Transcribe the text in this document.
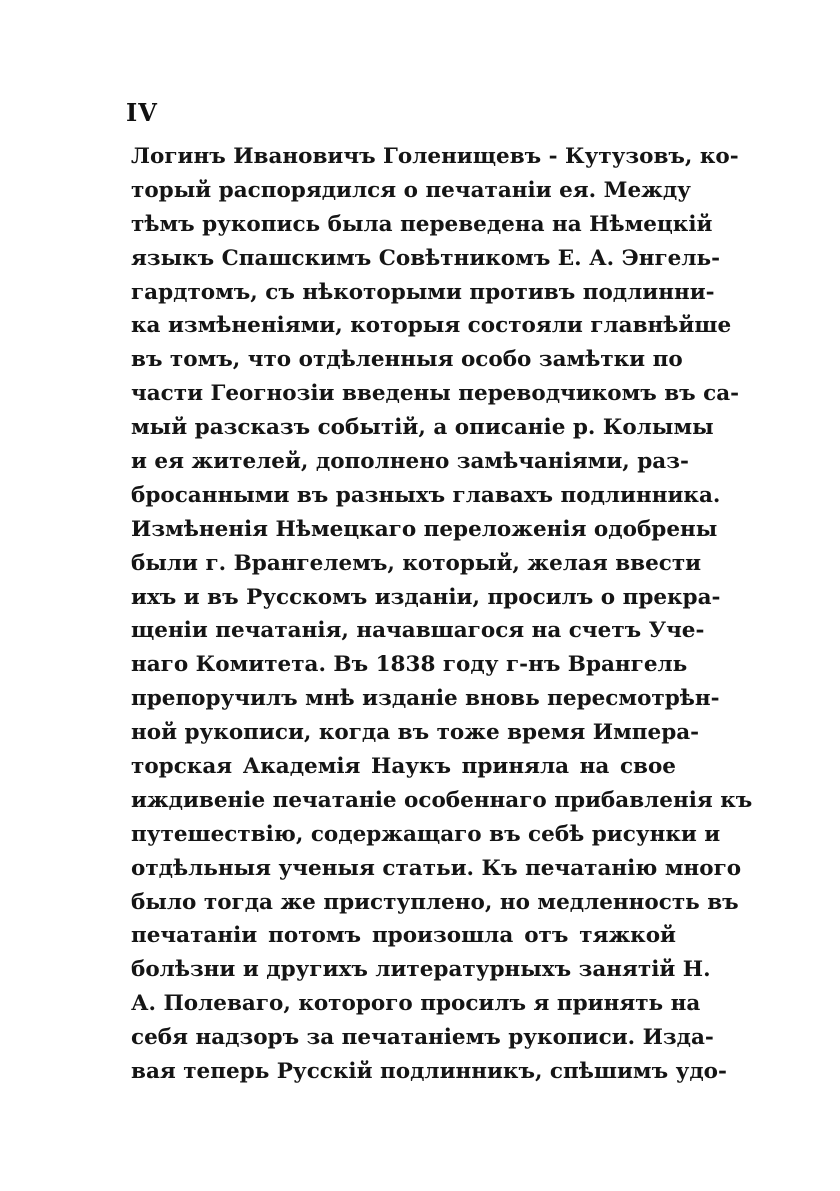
IV
Логинъ Ивановичъ Голенищевъ - Кутузовъ, ко-
торый распорядился о печатаніи ея. Между
тѣмъ рукопись была переведена на Нѣмецкій
языкъ Спашскимъ Совѣтникомъ Е. А. Энгель-
гардтомъ, съ нѣкоторыми противъ подлинни-
ка измѣненіями, которыя состояли главнѣйше
въ томъ, что отдѣленныя особо замѣтки по
части Геогнозіи введены переводчикомъ въ са-
мый разсказъ событій, а описаніе р. Колымы
и ея жителей, дополнено замѣчаніями, раз-
бросанными въ разныхъ главахъ подлинника.
Измѣненія Нѣмецкаго переложенія одобрены
были г. Врангелемъ, который, желая ввести
ихъ и въ Русскомъ изданіи, просилъ о прекра-
щеніи печатанія, начавшагося на счетъ Уче-
наго Комитета. Въ 1838 году г-нъ Врангель
препоручилъ мнѣ изданіе вновь пересмотрѣн-
ной рукописи, когда въ тоже время Импера-
торская Академія Наукъ приняла на свое
иждивеніе печатаніе особеннаго прибавленія къ
путешествію, содержащаго въ себѣ рисунки и
отдѣльныя ученыя статьи. Къ печатанію много
было тогда же приступлено, но медленность въ
печатаніи потомъ произошла отъ тяжкой
болѣзни и другихъ литературныхъ занятій Н.
А. Полеваго, которого просилъ я принять на
себя надзоръ за печатаніемъ рукописи. Изда-
вая теперь Русскій подлинникъ, спѣшимъ удо-
